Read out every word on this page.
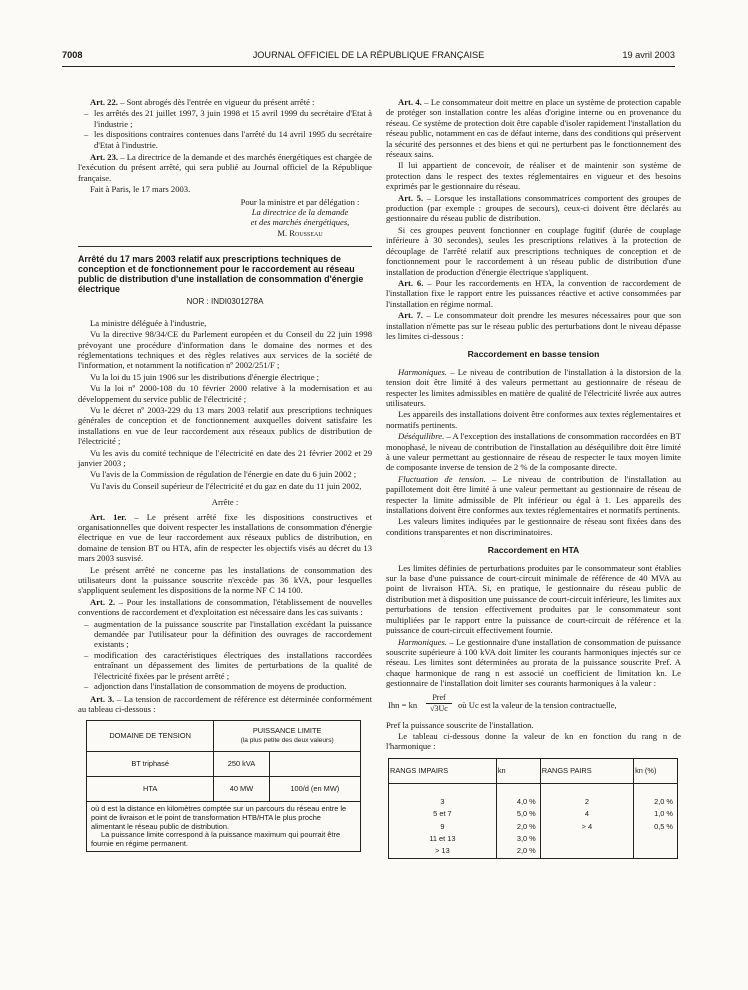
7008	JOURNAL OFFICIEL DE LA RÉPUBLIQUE FRANÇAISE	19 avril 2003

Art. 22. – Sont abrogés dès l'entrée en vigueur du présent arrêté :

– les arrêtés des 21 juillet 1997, 3 juin 1998 et 15 avril 1999 du secrétaire d'Etat à l'industrie ;
– les dispositions contraires contenues dans l'arrêté du 14 avril 1995 du secrétaire d'Etat à l'industrie.

Art. 23. – La directrice de la demande et des marchés énergétiques est chargée de l'exécution du présent arrêté, qui sera publié au Journal officiel de la République française.

Fait à Paris, le 17 mars 2003.

Pour la ministre et par délégation :
La directrice de la demande
et des marchés énergétiques,
M. Rousseau
Arrêté du 17 mars 2003 relatif aux prescriptions techniques de conception et de fonctionnement pour le raccordement au réseau public de distribution d'une installation de consommation d'énergie électrique
NOR : INDI0301278A

La ministre déléguée à l'industrie,

Vu la directive 98/34/CE du Parlement européen et du Conseil du 22 juin 1998 prévoyant une procédure d'information dans le domaine des normes et des réglementations techniques et des règles relatives aux services de la société de l'information, et notamment la notification nº 2002/251/F ;

Vu la loi du 15 juin 1906 sur les distributions d'énergie électrique ;

Vu la loi nº 2000-108 du 10 février 2000 relative à la modernisation et au développement du service public de l'électricité ;

Vu le décret nº 2003-229 du 13 mars 2003 relatif aux prescriptions techniques générales de conception et de fonctionnement auxquelles doivent satisfaire les installations en vue de leur raccordement aux réseaux publics de distribution de l'électricité ;

Vu les avis du comité technique de l'électricité en date des 21 février 2002 et 29 janvier 2003 ;

Vu l'avis de la Commission de régulation de l'énergie en date du 6 juin 2002 ;

Vu l'avis du Conseil supérieur de l'électricité et du gaz en date du 11 juin 2002,

Arrête :

Art. 1er. – Le présent arrêté fixe les dispositions constructives et organisationnelles que doivent respecter les installations de consommation d'énergie électrique en vue de leur raccordement aux réseaux publics de distribution, en domaine de tension BT ou HTA, afin de respecter les objectifs visés au décret du 13 mars 2003 susvisé.

Le présent arrêté ne concerne pas les installations de consommation des utilisateurs dont la puissance souscrite n'excède pas 36 kVA, pour lesquelles s'appliquent seulement les dispositions de la norme NF C 14 100.

Art. 2. – Pour les installations de consommation, l'établissement de nouvelles conventions de raccordement et d'exploitation est nécessaire dans les cas suivants :

– augmentation de la puissance souscrite par l'installation excédant la puissance demandée par l'utilisateur pour la définition des ouvrages de raccordement existants ;
– modification des caractéristiques électriques des installations raccordées entraînant un dépassement des limites de perturbations de la qualité de l'électricité fixées par le présent arrêté ;
– adjonction dans l'installation de consommation de moyens de production.

Art. 3. – La tension de raccordement de référence est déterminée conformément au tableau ci-dessous :

DOMAINE DE TENSION	PUISSANCE LIMITE
(la plus petite des deux valeurs)	

BT triphasé	250 kVA	
HTA	40 MW	100/d (en MW)

où d est la distance en kilomètres comptée sur un parcours du réseau entre le point de livraison et le point de transformation HTB/HTA le plus proche alimentant le réseau public de distribution.
La puissance limite correspond à la puissance maximum qui pourrait être fournie en régime permanent.		

Art. 4. – Le consommateur doit mettre en place un système de protection capable de protéger son installation contre les aléas d'origine interne ou en provenance du réseau. Ce système de protection doit être capable d'isoler rapidement l'installation du réseau public, notamment en cas de défaut interne, dans des conditions qui préservent la sécurité des personnes et des biens et qui ne perturbent pas le fonctionnement des réseaux sains.

Il lui appartient de concevoir, de réaliser et de maintenir son système de protection dans le respect des textes réglementaires en vigueur et des besoins exprimés par le gestionnaire du réseau.

Art. 5. – Lorsque les installations consommatrices comportent des groupes de production (par exemple : groupes de secours), ceux-ci doivent être déclarés au gestionnaire du réseau public de distribution.

Si ces groupes peuvent fonctionner en couplage fugitif (durée de couplage inférieure à 30 secondes), seules les prescriptions relatives à la protection de découplage de l'arrêté relatif aux prescriptions techniques de conception et de fonctionnement pour le raccordement à un réseau public de distribution d'une installation de production d'énergie électrique s'appliquent.

Art. 6. – Pour les raccordements en HTA, la convention de raccordement de l'installation fixe le rapport entre les puissances réactive et active consommées par l'installation en régime normal.

Art. 7. – Le consommateur doit prendre les mesures nécessaires pour que son installation n'émette pas sur le réseau public des perturbations dont le niveau dépasse les limites ci-dessous :

Raccordement en basse tension

Harmoniques. – Le niveau de contribution de l'installation à la distorsion de la tension doit être limité à des valeurs permettant au gestionnaire de réseau de respecter les limites admissibles en matière de qualité de l'électricité livrée aux autres utilisateurs.

Les appareils des installations doivent être conformes aux textes réglementaires et normatifs pertinents.

Déséquilibre. – A l'exception des installations de consommation raccordées en BT monophasé, le niveau de contribution de l'installation au déséquilibre doit être limité à une valeur permettant au gestionnaire de réseau de respecter le taux moyen limite de composante inverse de tension de 2 % de la composante directe.

Fluctuation de tension. – Le niveau de contribution de l'installation au papillotement doit être limité à une valeur permettant au gestionnaire de réseau de respecter la limite admissible de Plt inférieur ou égal à 1. Les appareils des installations doivent être conformes aux textes réglementaires et normatifs pertinents.

Les valeurs limites indiquées par le gestionnaire de réseau sont fixées dans des conditions transparentes et non discriminatoires.

Raccordement en HTA

Les limites définies de perturbations produites par le consommateur sont établies sur la base d'une puissance de court-circuit minimale de référence de 40 MVA au point de livraison HTA. Si, en pratique, le gestionnaire du réseau public de distribution met à disposition une puissance de court-circuit inférieure, les limites aux perturbations de tension effectivement produites par le consommateur sont multipliées par le rapport entre la puissance de court-circuit de référence et la puissance de court-circuit effectivement fournie.

Harmoniques. – Le gestionnaire d'une installation de consommation de puissance souscrite supérieure à 100 kVA doit limiter les courants harmoniques injectés sur ce réseau. Les limites sont déterminées au prorata de la puissance souscrite Pref. A chaque harmonique de rang n est associé un coefficient de limitation kn. Le gestionnaire de l'installation doit limiter ses courants harmoniques à la valeur :

Ihn = kn
Pref
√3Uc	où Uc est la valeur de la tension contractuelle,

Pref la puissance souscrite de l'installation.

Le tableau ci-dessous donne la valeur de kn en fonction du rang n de l'harmonique :

RANGS IMPAIRS	kn	RANGS PAIRS	kn (%)

3	4,0 %	2	2,0 %
5 et 7	5,0 %	4	1,0 %
9	2,0 %	> 4	0,5 %
11 et 13	3,0 %		
> 13	2,0 %		
